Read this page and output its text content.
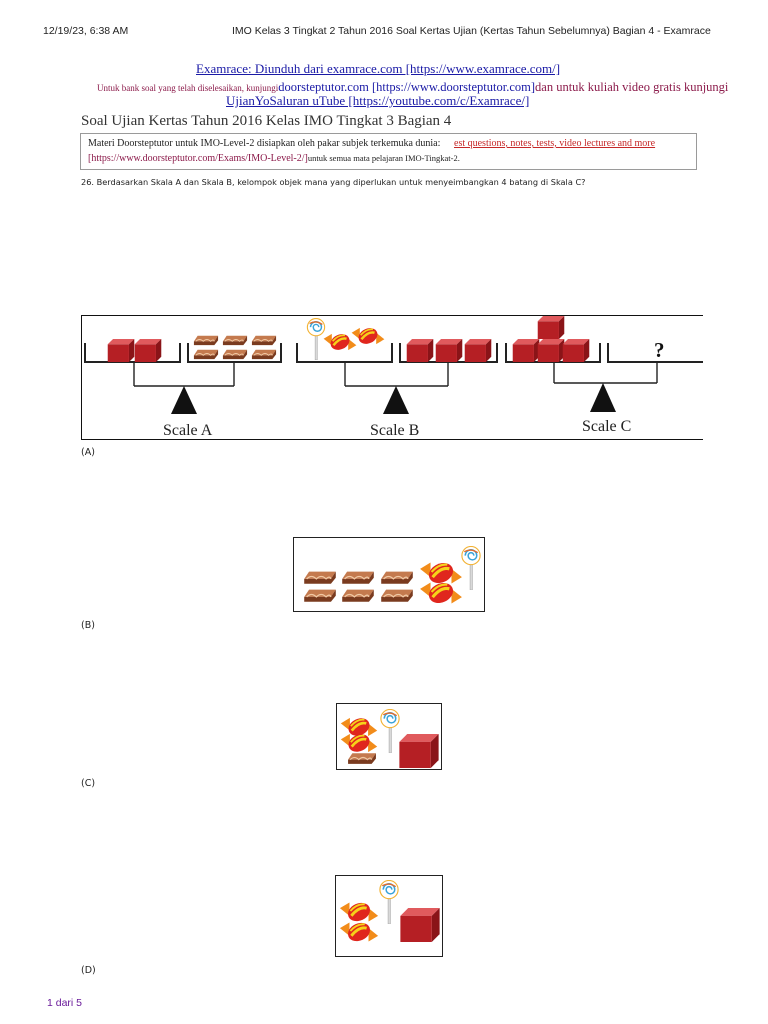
12/19/23, 6:38 AM	IMO Kelas 3 Tingkat 2 Tahun 2016 Soal Kertas Ujian (Kertas Tahun Sebelumnya) Bagian 4 - Examrace
Examrace: Diunduh dari examrace.com [https://www.examrace.com/]
Untuk bank soal yang telah diselesaikan, kunjungidoorsteptutor.com [https://www.doorsteptutor.com]dan untuk kuliah video gratis kunjungi
UjianYoSaluran uTube [https://youtube.com/c/Examrace/]
Soal Ujian Kertas Tahun 2016 Kelas IMO Tingkat 3 Bagian 4
Materi Doorsteptutor untuk IMO-Level-2 disiapkan oleh pakar subjek terkemuka dunia: est questions, notes, tests, video lectures and more
[https://www.doorsteptutor.com/Exams/IMO-Level-2/]untuk semua mata pelajaran IMO-Tingkat-2.
26. Berdasarkan Skala A dan Skala B, kelompok objek mana yang diperlukan untuk menyeimbangkan 4 batang di Skala C?
Scale A	Scale B
?
Scale C
(A)
(B)
(C)
(D)
1 dari 5
